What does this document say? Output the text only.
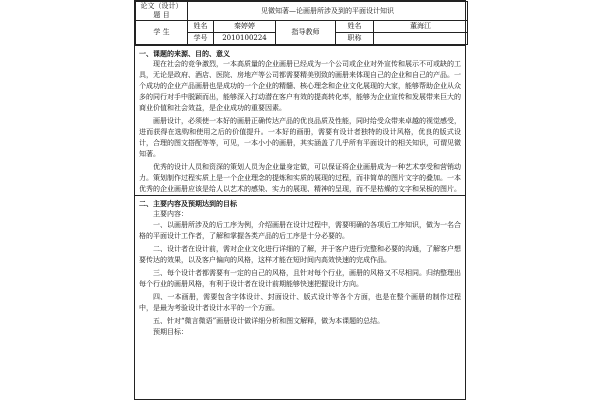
论文（设计）
题 目	见微知著—论画册所涉及到的平面设计知识				
学 生	姓名	秦婷婷	指导教师	姓名	董海江
	学号	2010100224		职称	
一、课题的来源、目的、意义

现在社会的竞争激烈，一本高质量的企业画册已经成为一个公司或企业对外宣传和展示不可或缺的工具，无论是政府、酒店、医院、房地产等公司都需要精美别致的画册来体现自己的企业和自己的产品。一个成功的企业产品画册也是成功的一个企业的精髓、核心理念和企业文化展现的大家，能够帮助企业从众多的同行对手中脱颖而出，能够深入打动潜在客户有效的提高转化率，能够为企业宣传和发展带来巨大的商业价值和社会效益，是企业成功的重要因素。

画册设计，必须使一本好的画册正确传达产品的优良品质及性能，同时给受众带来卓越的视觉感受，进而获得在选购和使用之后的价值提升。一本好的画册，需要有设计者独特的设计风格，优良的版式设计，合理的图文搭配等等，可见，一本小小的画册，其实涵盖了几乎所有平面设计的相关知识，可谓见微知著。

优秀的设计人员和资深的策划人员为企业量身定做，可以保证将企业画册成为一种艺术享受和营销动力。策划制作过程实质上是一个企业理念的提炼和实质的展现的过程，而非简单的图片文字的叠加。一本优秀的企业画册应该是给人以艺术的感染、实力的展现、精神的呈现，而不是枯燥的文字和呆板的图片。

二、主要内容及预期达到的目标

主要内容：

一、以画册所涉及的后工序为例，介绍画册在设计过程中，需要明确的各项后工序知识，做为一名合格的平面设计工作者，了解和掌握各类产品的后工序是十分必要的。

二、设计者在设计前，需对企业文化进行详细的了解，并于客户进行完整和必要的沟通，了解客户想要传达的效果，以及客户偏向的风格，这样才能在短时间内高效快速的完成作品。

三、每个设计者都需要有一定的自己的风格，且针对每个行业，画册的风格又不尽相同。归纳整理出每个行业的画册风格，有利于设计者在设计前期能够快速把握设计方向。

四、一本画册，需要包含字体设计、封面设计、版式设计等各个方面，也是在整个画册的制作过程中，是最为考验设计者设计水平的一个方面。

五、针对“微言微语”画册设计做详细分析和图文解释，做为本课题的总结。

预期目标：
